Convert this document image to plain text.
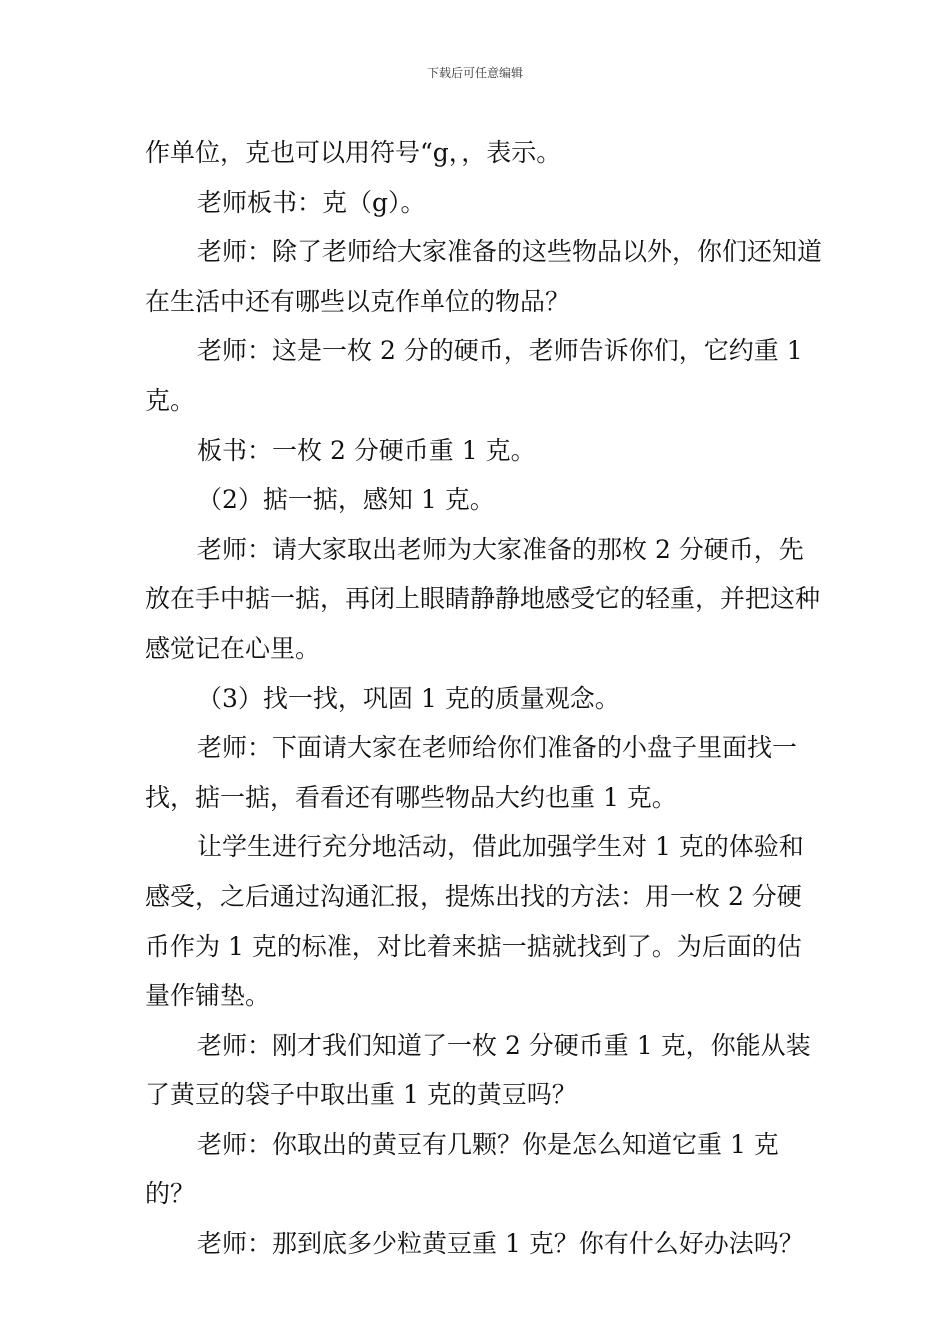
下载后可任意编辑

作单位，克也可以用符号“g，，表示。

老师板书：克（g）。

老师：除了老师给大家准备的这些物品以外，你们还知道在生活中还有哪些以克作单位的物品？

老师：这是一枚 2 分的硬币，老师告诉你们，它约重 1 克。

板书：一枚 2 分硬币重 1 克。

（2）掂一掂，感知 1 克。

老师：请大家取出老师为大家准备的那枚 2 分硬币，先放在手中掂一掂，再闭上眼睛静静地感受它的轻重，并把这种感觉记在心里。

（3）找一找，巩固 1 克的质量观念。

老师：下面请大家在老师给你们准备的小盘子里面找一找，掂一掂，看看还有哪些物品大约也重 1 克。

让学生进行充分地活动，借此加强学生对 1 克的体验和感受，之后通过沟通汇报，提炼出找的方法：用一枚 2 分硬币作为 1 克的标准，对比着来掂一掂就找到了。为后面的估量作铺垫。

老师：刚才我们知道了一枚 2 分硬币重 1 克，你能从装了黄豆的袋子中取出重 1 克的黄豆吗？

老师：你取出的黄豆有几颗？你是怎么知道它重 1 克的？

老师：那到底多少粒黄豆重 1 克？你有什么好办法吗？
